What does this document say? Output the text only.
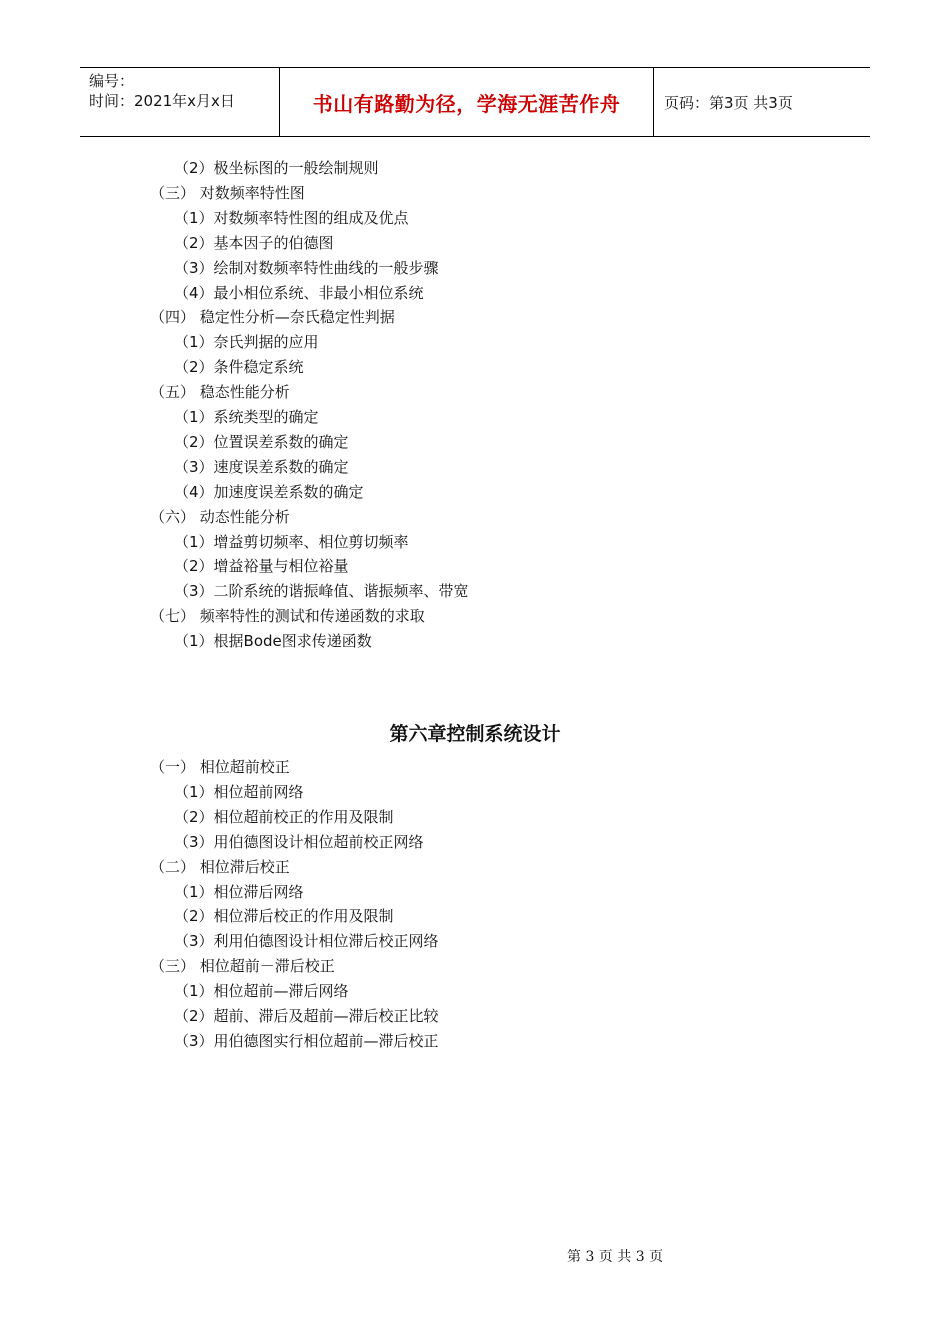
编号：
时间：2021年x月x日	书山有路勤为径，学海无涯苦作舟	页码：第3页 共3页
（2）极坐标图的一般绘制规则
（三） 对数频率特性图
（1）对数频率特性图的组成及优点
（2）基本因子的伯德图
（3）绘制对数频率特性曲线的一般步骤
（4）最小相位系统、非最小相位系统
（四） 稳定性分析—奈氏稳定性判据
（1）奈氏判据的应用
（2）条件稳定系统
（五） 稳态性能分析
（1）系统类型的确定
（2）位置误差系数的确定
（3）速度误差系数的确定
（4）加速度误差系数的确定
（六） 动态性能分析
（1）增益剪切频率、相位剪切频率
（2）增益裕量与相位裕量
（3）二阶系统的谐振峰值、谐振频率、带宽
（七） 频率特性的测试和传递函数的求取
（1）根据Bode图求传递函数
第六章控制系统设计
（一） 相位超前校正
（1）相位超前网络
（2）相位超前校正的作用及限制
（3）用伯德图设计相位超前校正网络
（二） 相位滞后校正
（1）相位滞后网络
（2）相位滞后校正的作用及限制
（3）利用伯德图设计相位滞后校正网络
（三） 相位超前－滞后校正
（1）相位超前—滞后网络
（2）超前、滞后及超前—滞后校正比较
（3）用伯德图实行相位超前—滞后校正
第 3 页 共 3 页
